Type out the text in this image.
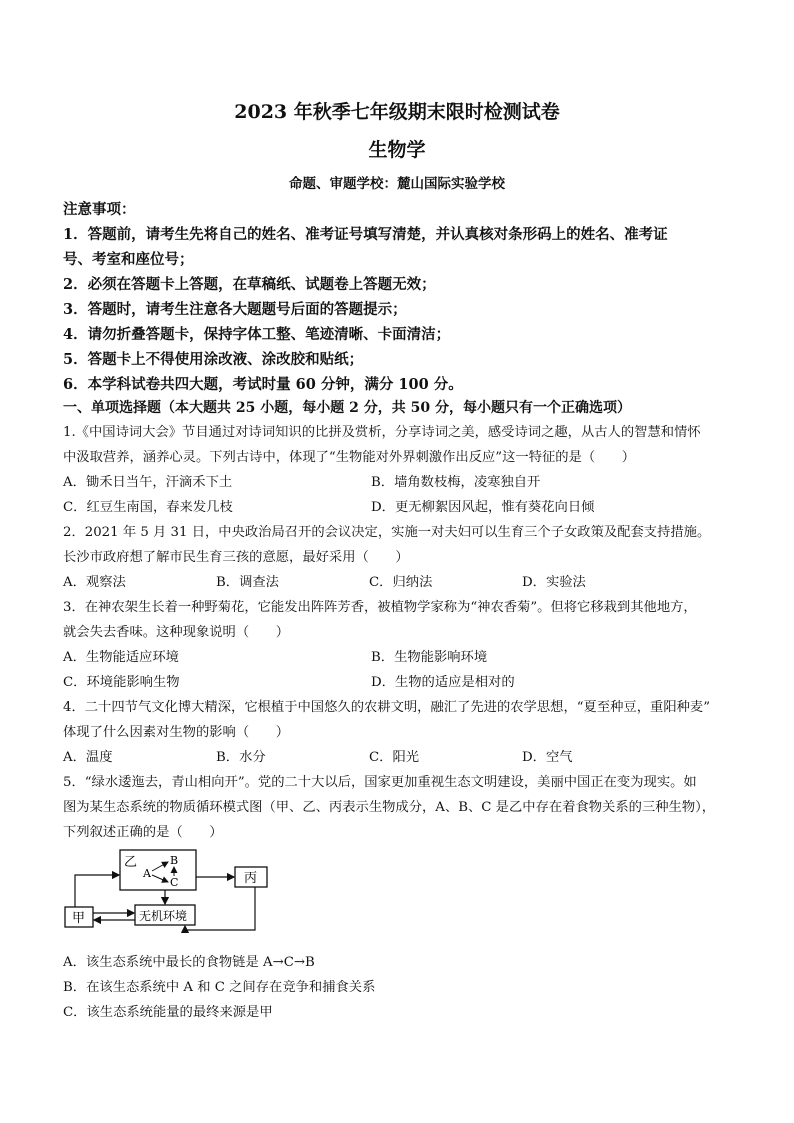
2023 年秋季七年级期末限时检测试卷
生物学
命题、审题学校：麓山国际实验学校
注意事项：
1．答题前，请考生先将自己的姓名、准考证号填写清楚，并认真核对条形码上的姓名、准考证
号、考室和座位号；
2．必须在答题卡上答题，在草稿纸、试题卷上答题无效；
3．答题时，请考生注意各大题题号后面的答题提示；
4．请勿折叠答题卡，保持字体工整、笔迹清晰、卡面清洁；
5．答题卡上不得使用涂改液、涂改胶和贴纸；
6．本学科试卷共四大题，考试时量 60 分钟，满分 100 分。
一、单项选择题（本大题共 25 小题，每小题 2 分，共 50 分，每小题只有一个正确选项）
1.《中国诗词大会》节目通过对诗词知识的比拼及赏析，分享诗词之美，感受诗词之趣，从古人的智慧和情怀
中汲取营养，涵养心灵。下列古诗中，体现了“生物能对外界刺激作出反应”这一特征的是（　　）
A．锄禾日当午，汗滴禾下土	B．墙角数枝梅，凌寒独自开
C．红豆生南国，春来发几枝	D．更无柳絮因风起，惟有葵花向日倾
2．2021 年 5 月 31 日，中央政治局召开的会议决定，实施一对夫妇可以生育三个子女政策及配套支持措施。
长沙市政府想了解市民生育三孩的意愿，最好采用（　　）
A．观察法	B．调查法	C．归纳法	D．实验法
3．在神农架生长着一种野菊花，它能发出阵阵芳香，被植物学家称为“神农香菊”。但将它移栽到其他地方，
就会失去香味。这种现象说明（　　）
A．生物能适应环境	B．生物能影响环境
C．环境能影响生物	D．生物的适应是相对的
4．二十四节气文化博大精深，它根植于中国悠久的农耕文明，融汇了先进的农学思想，“夏至种豆，重阳种麦”
体现了什么因素对生物的影响（　　）
A．温度	B．水分	C．阳光	D．空气
5．“绿水逶迤去，青山相向开”。党的二十大以后，国家更加重视生态文明建设，美丽中国正在变为现实。如
图为某生态系统的物质循环模式图（甲、乙、丙表示生物成分，A、B、C 是乙中存在着食物关系的三种生物），
下列叙述正确的是（　　）
乙
A
B
C	丙
甲	无机环境
A．该生态系统中最长的食物链是 A→C→B
B．在该生态系统中 A 和 C 之间存在竞争和捕食关系
C．该生态系统能量的最终来源是甲
